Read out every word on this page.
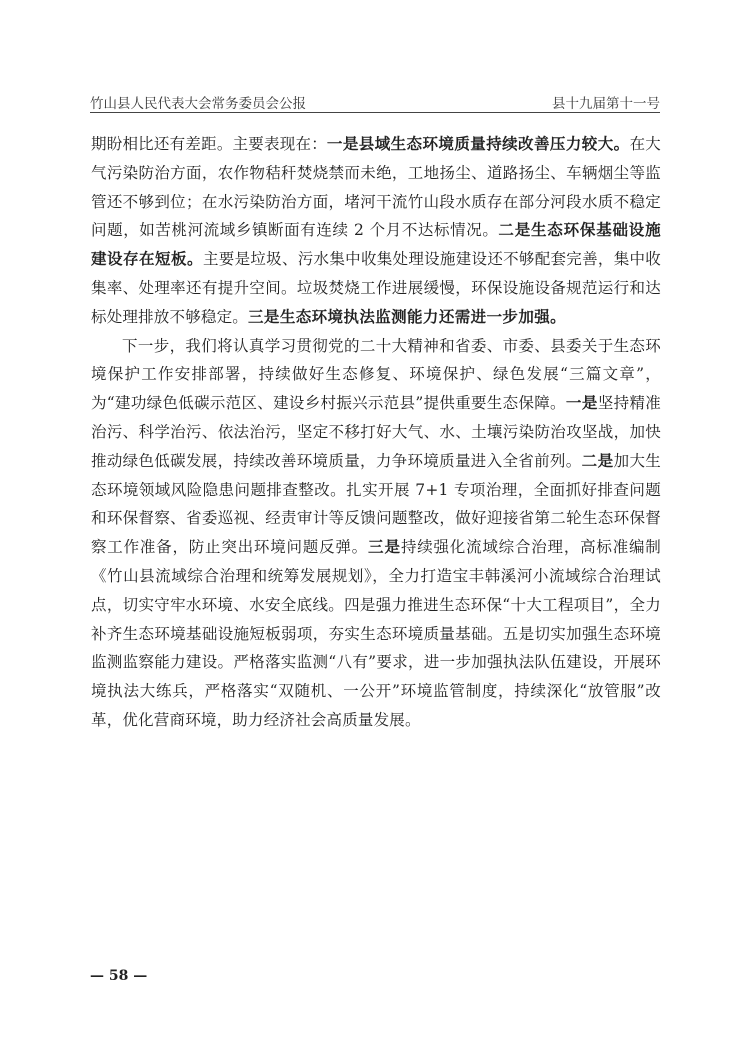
竹山县人民代表大会常务委员会公报	县十九届第十一号

期盼相比还有差距。主要表现在：一是县域生态环境质量持续改善压力较大。在大气污染防治方面，农作物秸秆焚烧禁而未绝，工地扬尘、道路扬尘、车辆烟尘等监管还不够到位；在水污染防治方面，堵河干流竹山段水质存在部分河段水质不稳定问题，如苦桃河流域乡镇断面有连续 2 个月不达标情况。二是生态环保基础设施建设存在短板。主要是垃圾、污水集中收集处理设施建设还不够配套完善，集中收集率、处理率还有提升空间。垃圾焚烧工作进展缓慢，环保设施设备规范运行和达标处理排放不够稳定。三是生态环境执法监测能力还需进一步加强。

下一步，我们将认真学习贯彻党的二十大精神和省委、市委、县委关于生态环境保护工作安排部署，持续做好生态修复、环境保护、绿色发展“三篇文章”，为“建功绿色低碳示范区、建设乡村振兴示范县”提供重要生态保障。一是坚持精准治污、科学治污、依法治污，坚定不移打好大气、水、土壤污染防治攻坚战，加快推动绿色低碳发展，持续改善环境质量，力争环境质量进入全省前列。二是加大生态环境领域风险隐患问题排查整改。扎实开展 7+1 专项治理，全面抓好排查问题和环保督察、省委巡视、经责审计等反馈问题整改，做好迎接省第二轮生态环保督察工作准备，防止突出环境问题反弹。三是持续强化流域综合治理，高标准编制《竹山县流域综合治理和统筹发展规划》，全力打造宝丰韩溪河小流域综合治理试点，切实守牢水环境、水安全底线。四是强力推进生态环保“十大工程项目”，全力补齐生态环境基础设施短板弱项，夯实生态环境质量基础。五是切实加强生态环境监测监察能力建设。严格落实监测“八有”要求，进一步加强执法队伍建设，开展环境执法大练兵，严格落实“双随机、一公开”环境监管制度，持续深化“放管服”改革，优化营商环境，助力经济社会高质量发展。

— 58 —
